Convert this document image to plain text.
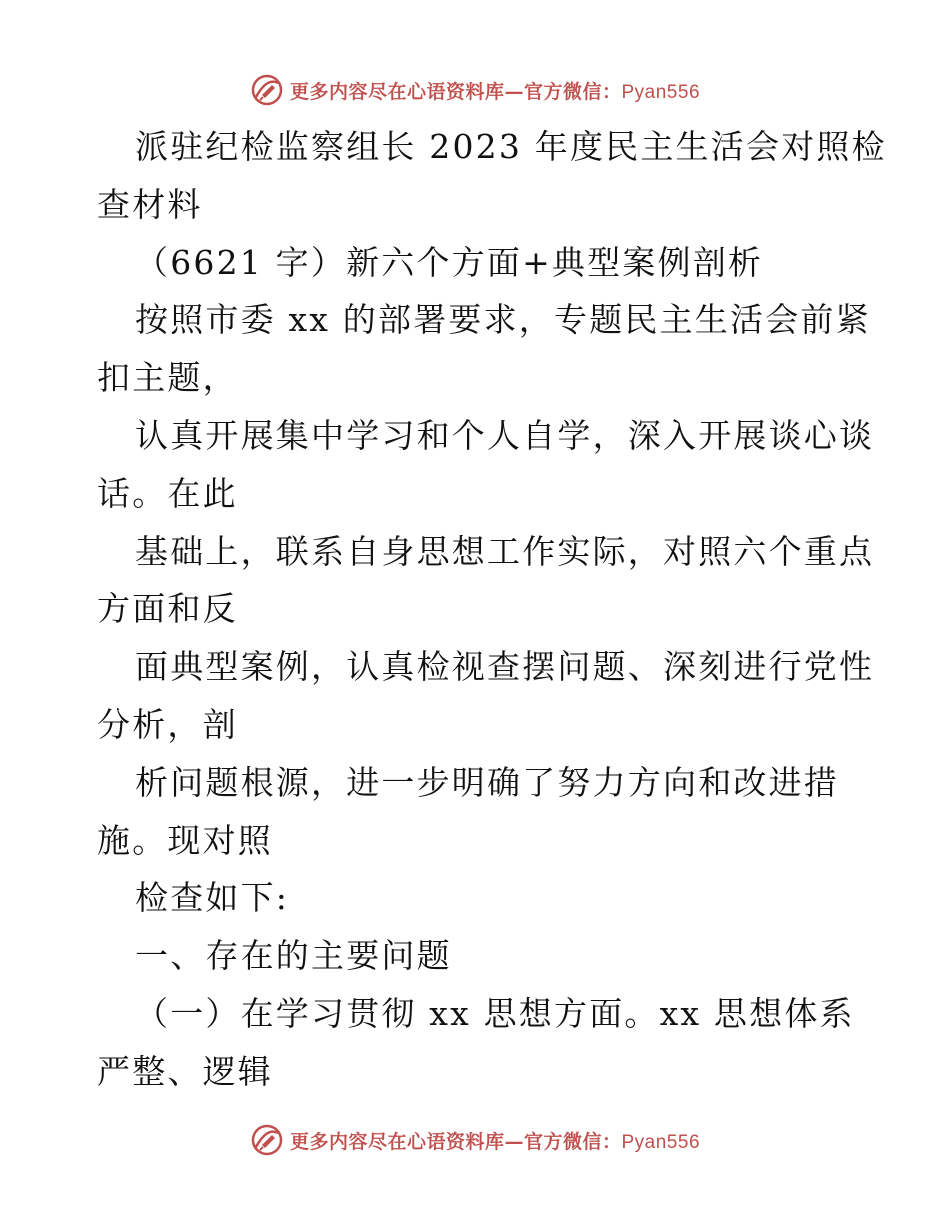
更多内容尽在心语资料库—官方微信：Pyan556
派驻纪检监察组长 2023 年度民主生活会对照检
查材料
（6621 字）新六个方面+典型案例剖析
按照市委 xx 的部署要求，专题民主生活会前紧
扣主题，
认真开展集中学习和个人自学，深入开展谈心谈
话。在此
基础上，联系自身思想工作实际，对照六个重点
方面和反
面典型案例，认真检视查摆问题、深刻进行党性
分析，剖
析问题根源，进一步明确了努力方向和改进措
施。现对照
检查如下:
一、存在的主要问题
（一）在学习贯彻 xx 思想方面。xx 思想体系
严整、逻辑
更多内容尽在心语资料库—官方微信：Pyan556
